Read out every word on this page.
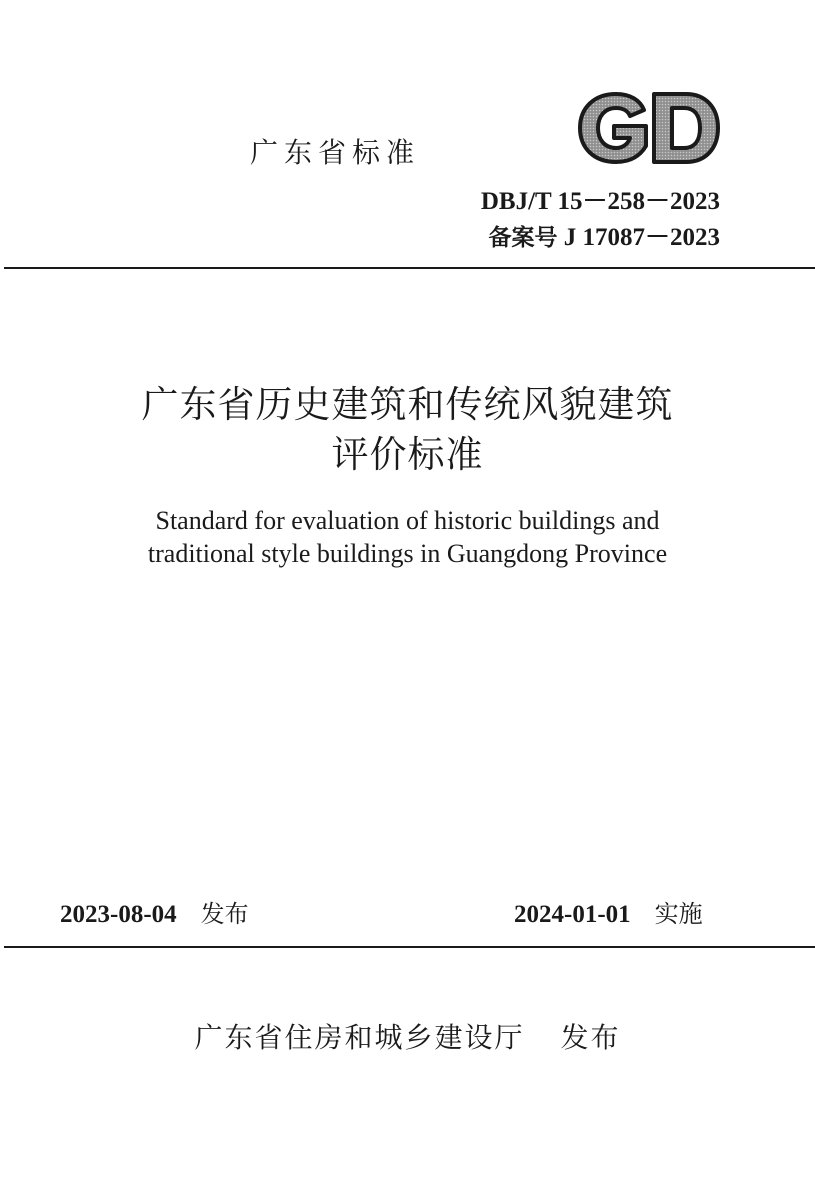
广东省标准
DBJ/T 15－258－2023
备案号 J 17087－2023
广东省历史建筑和传统风貌建筑
评价标准
Standard for evaluation of historic buildings and
traditional style buildings in Guangdong Province
2023-08-04 发布	2024-01-01 实施
广东省住房和城乡建设厅 发布
